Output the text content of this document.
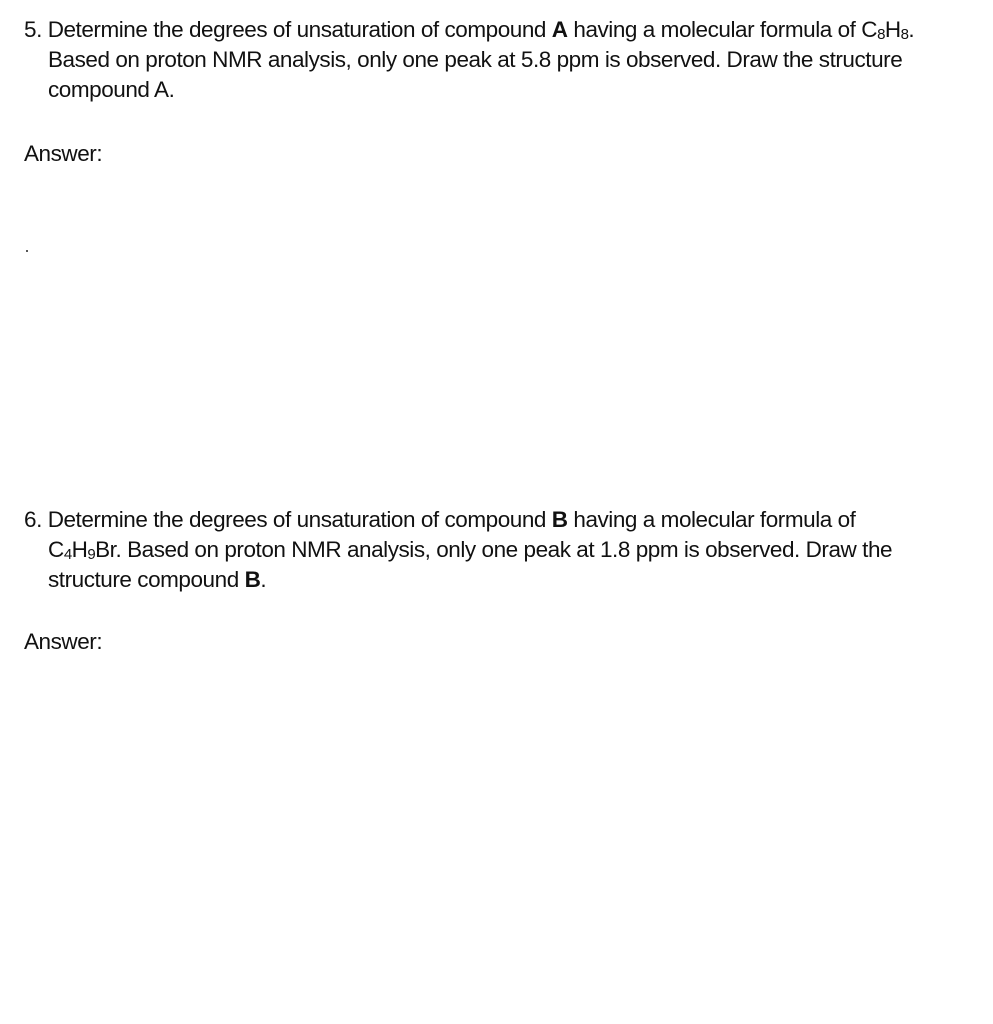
5. Determine the degrees of unsaturation of compound A having a molecular formula of $C_8H_8$.
Based on proton NMR analysis, only one peak at 5.8 ppm is observed. Draw the structure
compound A.
Answer:
6. Determine the degrees of unsaturation of compound B having a molecular formula of
$C_4H_9Br$. Based on proton NMR analysis, only one peak at 1.8 ppm is observed. Draw the
structure compound B.
Answer:
